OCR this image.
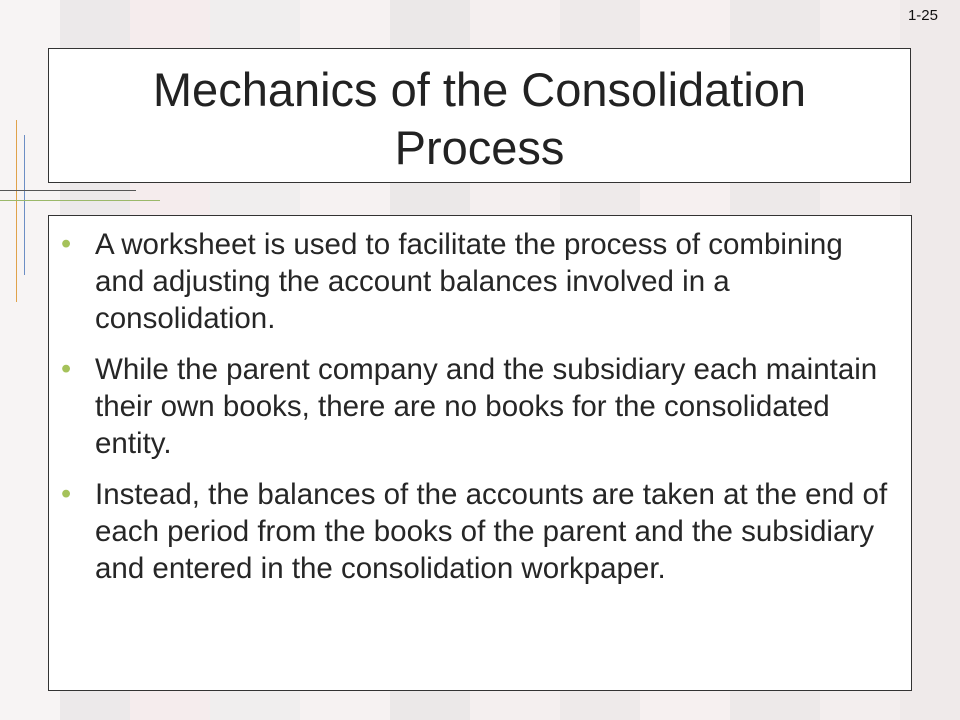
1-25
Mechanics of the Consolidation Process
• A worksheet is used to facilitate the process of combining and adjusting the account balances involved in a consolidation.
• While the parent company and the subsidiary each maintain their own books, there are no books for the consolidated entity.
• Instead, the balances of the accounts are taken at the end of each period from the books of the parent and the subsidiary and entered in the consolidation workpaper.
